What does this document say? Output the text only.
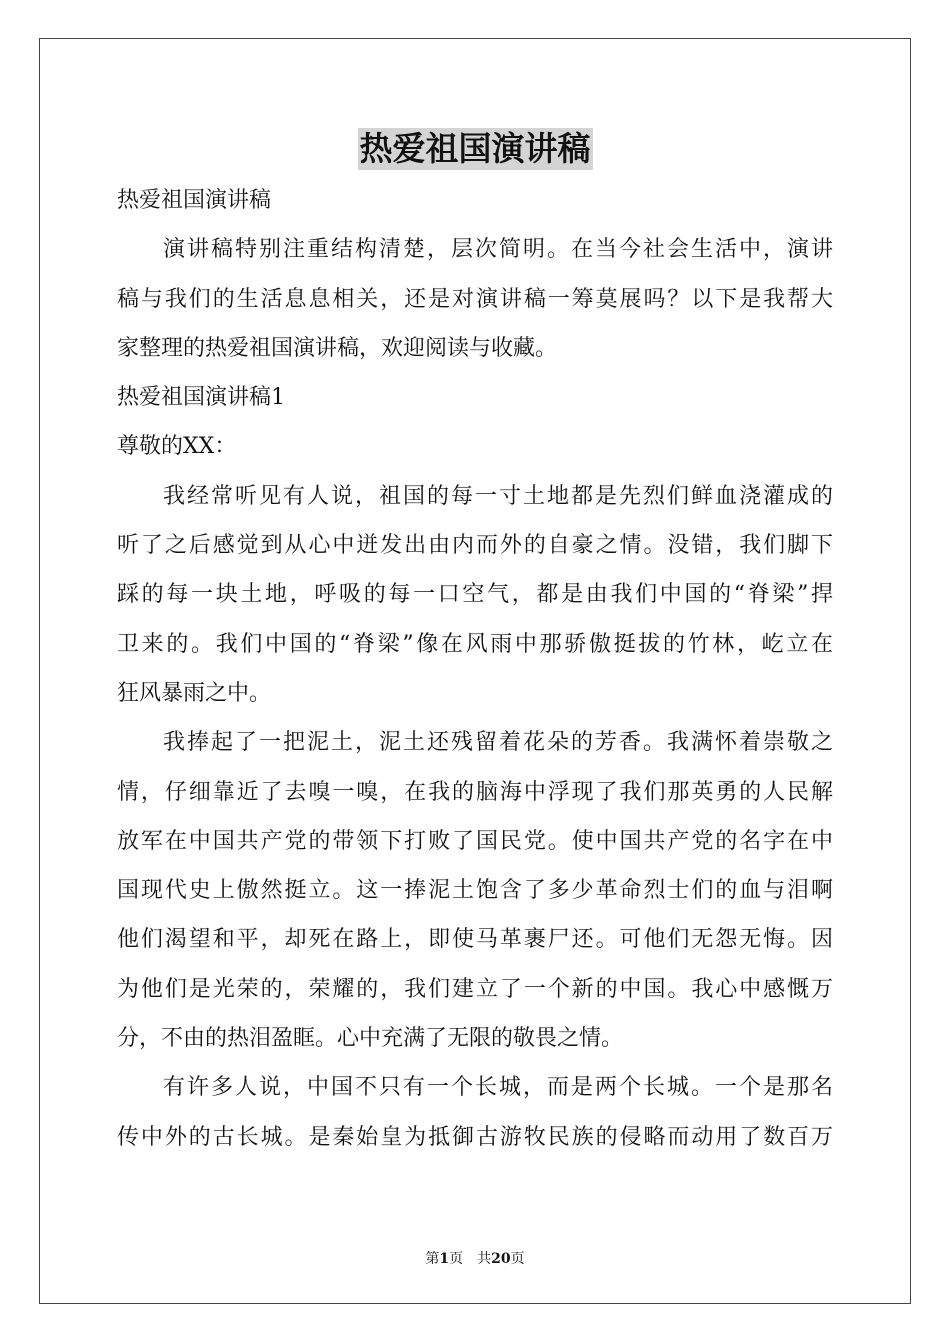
热爱祖国演讲稿
热爱祖国演讲稿
演讲稿特别注重结构清楚，层次简明。在当今社会生活中，演讲
稿与我们的生活息息相关，还是对演讲稿一筹莫展吗？以下是我帮大
家整理的热爱祖国演讲稿，欢迎阅读与收藏。
热爱祖国演讲稿1
尊敬的XX：
我经常听见有人说，祖国的每一寸土地都是先烈们鲜血浇灌成的
听了之后感觉到从心中迸发出由内而外的自豪之情。没错，我们脚下
踩的每一块土地，呼吸的每一口空气，都是由我们中国的“脊梁”捍
卫来的。我们中国的“脊梁”像在风雨中那骄傲挺拔的竹林，屹立在
狂风暴雨之中。
我捧起了一把泥土，泥土还残留着花朵的芳香。我满怀着崇敬之
情，仔细靠近了去嗅一嗅，在我的脑海中浮现了我们那英勇的人民解
放军在中国共产党的带领下打败了国民党。使中国共产党的名字在中
国现代史上傲然挺立。这一捧泥土饱含了多少革命烈士们的血与泪啊
他们渴望和平，却死在路上，即使马革裹尸还。可他们无怨无悔。因
为他们是光荣的，荣耀的，我们建立了一个新的中国。我心中感慨万
分，不由的热泪盈眶。心中充满了无限的敬畏之情。
有许多人说，中国不只有一个长城，而是两个长城。一个是那名
传中外的古长城。是秦始皇为抵御古游牧民族的侵略而动用了数百万
第1页　共20页
